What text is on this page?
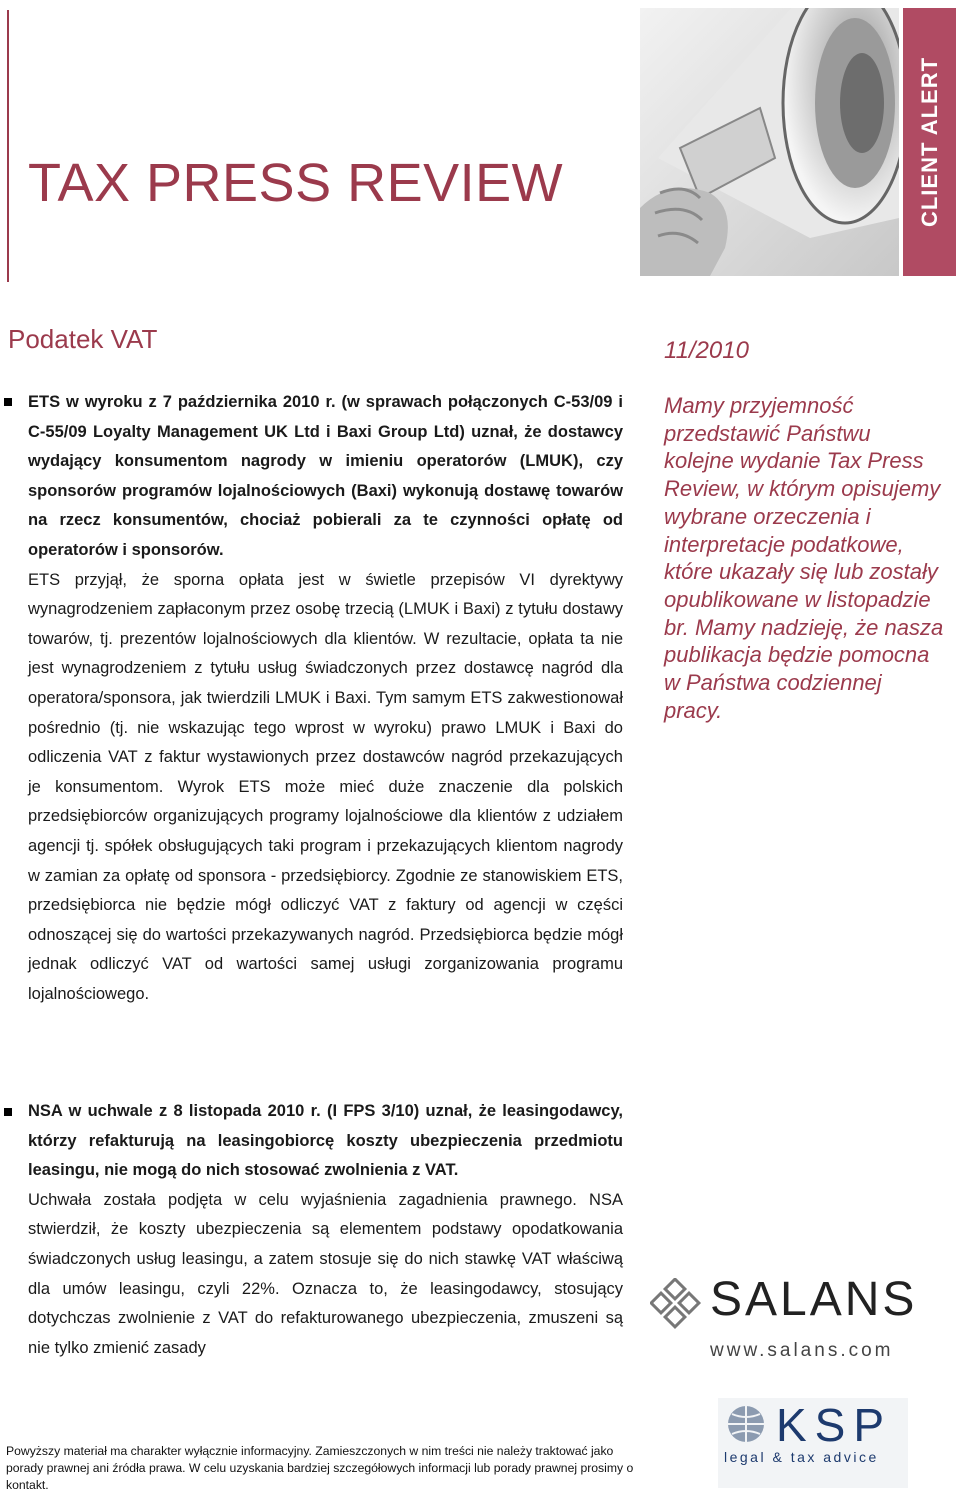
TAX PRESS REVIEW	CLIENT ALERT
Podatek VAT	11/2010
Mamy przyjemność przedstawić Państwu kolejne wydanie Tax Press Review, w którym opisujemy wybrane orzeczenia i interpretacje podatkowe, które ukazały się lub zostały opublikowane w listopadzie br. Mamy nadzieję, że nasza publikacja będzie pomocna w Państwa codziennej pracy.

ETS w wyroku z 7 października 2010 r. (w sprawach połączonych C-53/09 i C-55/09 Loyalty Management UK Ltd i Baxi Group Ltd) uznał, że dostawcy wydający konsumentom nagrody w imieniu operatorów (LMUK), czy sponsorów programów lojalnościowych (Baxi) wykonują dostawę towarów na rzecz konsumentów, chociaż pobierali za te czynności opłatę od operatorów i sponsorów.

ETS przyjął, że sporna opłata jest w świetle przepisów VI dyrektywy wynagrodzeniem zapłaconym przez osobę trzecią (LMUK i Baxi) z tytułu dostawy towarów, tj. prezentów lojalnościowych dla klientów. W rezultacie, opłata ta nie jest wynagrodzeniem z tytułu usług świadczonych przez dostawcę nagród dla operatora/sponsora, jak twierdzili LMUK i Baxi. Tym samym ETS zakwestionował pośrednio (tj. nie wskazując tego wprost w wyroku) prawo LMUK i Baxi do odliczenia VAT z faktur wystawionych przez dostawców nagród przekazujących je konsumentom. Wyrok ETS może mieć duże znaczenie dla polskich przedsiębiorców organizujących programy lojalnościowe dla klientów z udziałem agencji tj. spółek obsługujących taki program i przekazujących klientom nagrody w zamian za opłatę od sponsora - przedsiębiorcy. Zgodnie ze stanowiskiem ETS, przedsiębiorca nie będzie mógł odliczyć VAT z faktury od agencji w części odnoszącej się do wartości przekazywanych nagród. Przedsiębiorca będzie mógł jednak odliczyć VAT od wartości samej usługi zorganizowania programu lojalnościowego.

NSA w uchwale z 8 listopada 2010 r. (I FPS 3/10) uznał, że leasingodawcy, którzy refakturują na leasingobiorcę koszty ubezpieczenia przedmiotu leasingu, nie mogą do nich stosować zwolnienia z VAT.

Uchwała została podjęta w celu wyjaśnienia zagadnienia prawnego. NSA stwierdził, że koszty ubezpieczenia są elementem podstawy opodatkowania świadczonych usług leasingu, a zatem stosuje się do nich stawkę VAT właściwą dla umów leasingu, czyli 22%. Oznacza to, że leasingodawcy, stosujący dotychczas zwolnienie z VAT do refakturowanego ubezpieczenia, zmuszeni są nie tylko zmienić zasady

SALANS
www.salans.com
KSP
legal & tax advice
Powyższy materiał ma charakter wyłącznie informacyjny. Zamieszczonych w nim treści nie należy traktować jako porady prawnej ani źródła prawa. W celu uzyskania bardziej szczegółowych informacji lub porady prawnej prosimy o kontakt.
